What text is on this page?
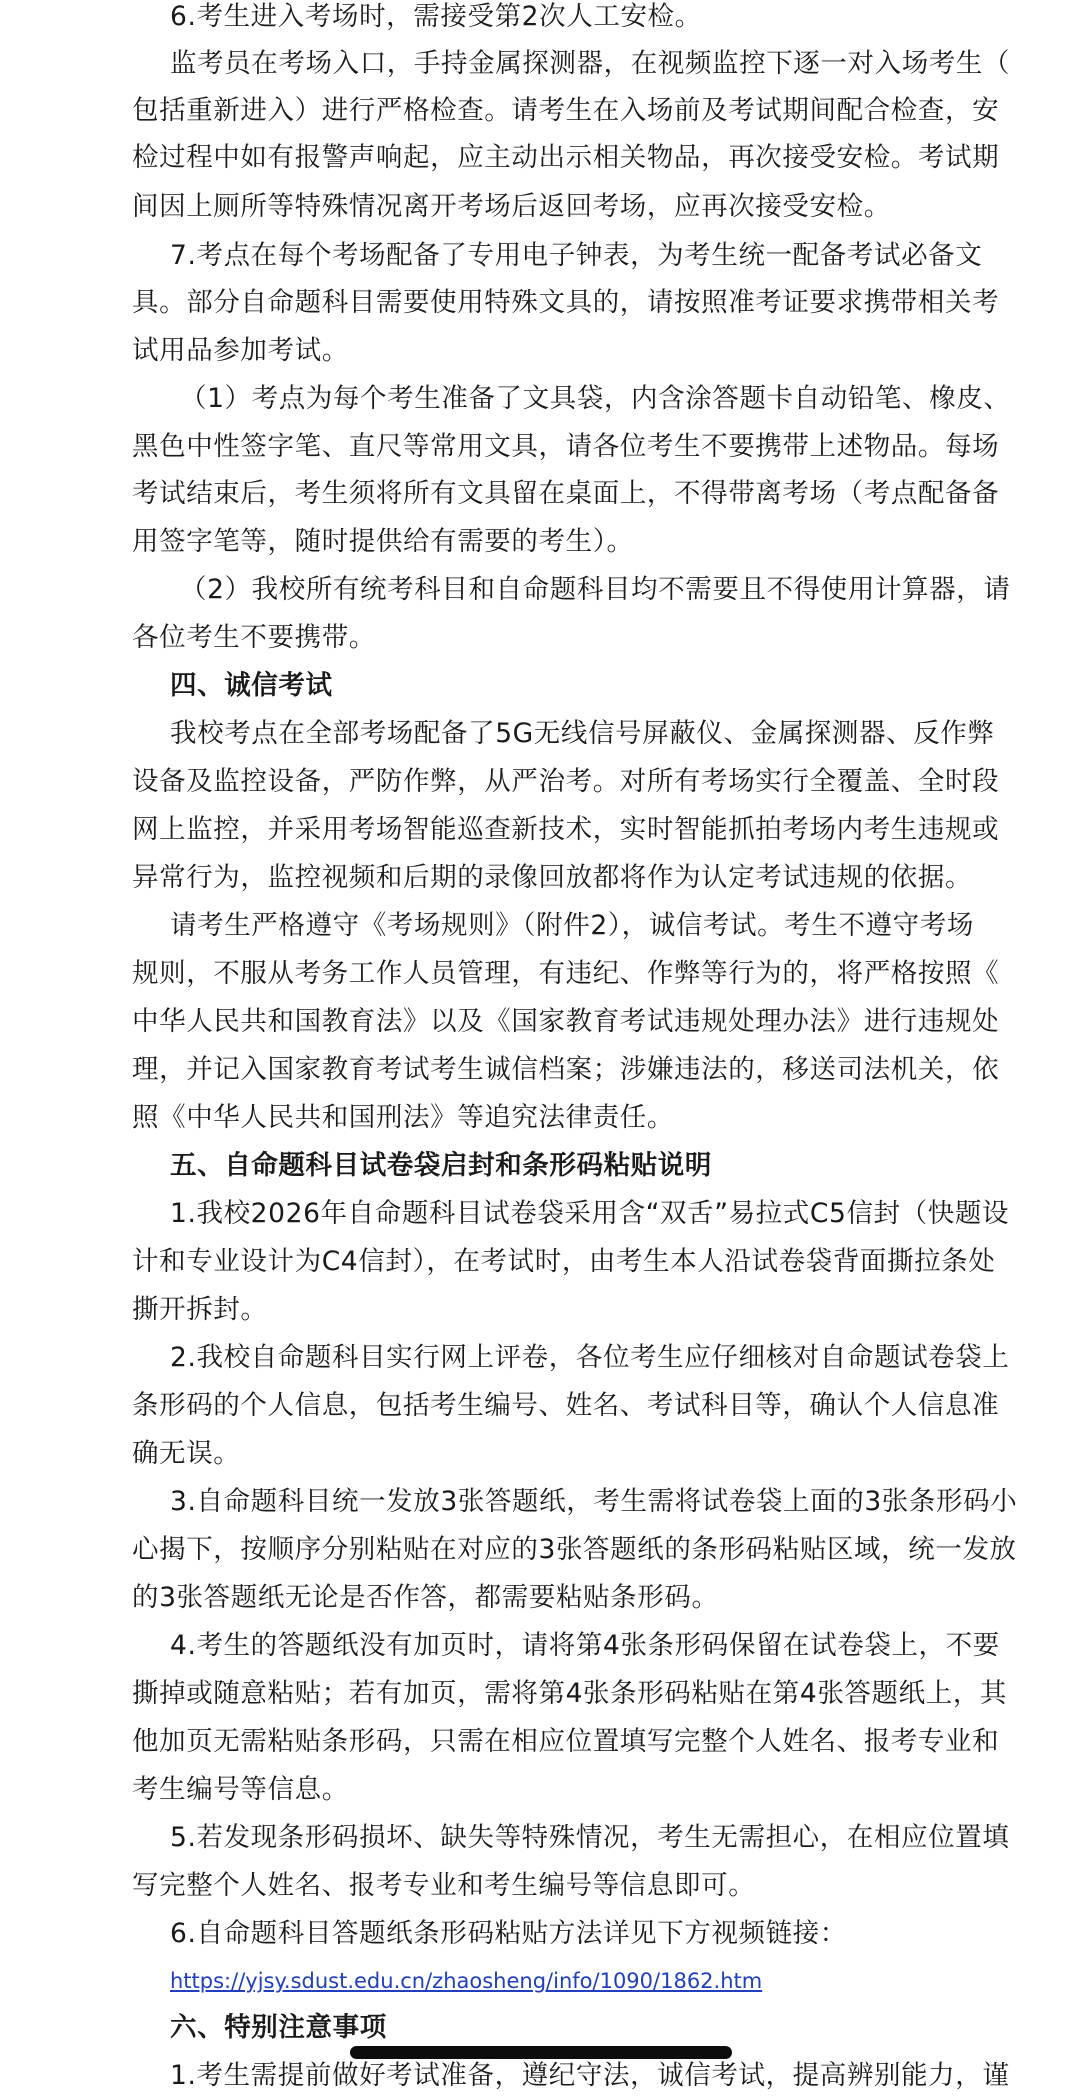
6.考生进入考场时，需接受第2次人工安检。
监考员在考场入口，手持金属探测器，在视频监控下逐一对入场考生（
包括重新进入）进行严格检查。请考生在入场前及考试期间配合检查，安
检过程中如有报警声响起，应主动出示相关物品，再次接受安检。考试期
间因上厕所等特殊情况离开考场后返回考场，应再次接受安检。
7.考点在每个考场配备了专用电子钟表，为考生统一配备考试必备文
具。部分自命题科目需要使用特殊文具的，请按照准考证要求携带相关考
试用品参加考试。
（1）考点为每个考生准备了文具袋，内含涂答题卡自动铅笔、橡皮、
黑色中性签字笔、直尺等常用文具，请各位考生不要携带上述物品。每场
考试结束后，考生须将所有文具留在桌面上，不得带离考场（考点配备备
用签字笔等，随时提供给有需要的考生）。
（2）我校所有统考科目和自命题科目均不需要且不得使用计算器，请
各位考生不要携带。
四、诚信考试
我校考点在全部考场配备了5G无线信号屏蔽仪、金属探测器、反作弊
设备及监控设备，严防作弊，从严治考。对所有考场实行全覆盖、全时段
网上监控，并采用考场智能巡查新技术，实时智能抓拍考场内考生违规或
异常行为，监控视频和后期的录像回放都将作为认定考试违规的依据。
请考生严格遵守《考场规则》（附件2），诚信考试。考生不遵守考场
规则，不服从考务工作人员管理，有违纪、作弊等行为的，将严格按照《
中华人民共和国教育法》以及《国家教育考试违规处理办法》进行违规处
理，并记入国家教育考试考生诚信档案；涉嫌违法的，移送司法机关，依
照《中华人民共和国刑法》等追究法律责任。
五、自命题科目试卷袋启封和条形码粘贴说明
1.我校2026年自命题科目试卷袋采用含“双舌”易拉式C5信封（快题设
计和专业设计为C4信封），在考试时，由考生本人沿试卷袋背面撕拉条处
撕开拆封。
2.我校自命题科目实行网上评卷，各位考生应仔细核对自命题试卷袋上
条形码的个人信息，包括考生编号、姓名、考试科目等，确认个人信息准
确无误。
3.自命题科目统一发放3张答题纸，考生需将试卷袋上面的3张条形码小
心揭下，按顺序分别粘贴在对应的3张答题纸的条形码粘贴区域，统一发放
的3张答题纸无论是否作答，都需要粘贴条形码。
4.考生的答题纸没有加页时，请将第4张条形码保留在试卷袋上，不要
撕掉或随意粘贴；若有加页，需将第4张条形码粘贴在第4张答题纸上，其
他加页无需粘贴条形码，只需在相应位置填写完整个人姓名、报考专业和
考生编号等信息。
5.若发现条形码损坏、缺失等特殊情况，考生无需担心，在相应位置填
写完整个人姓名、报考专业和考生编号等信息即可。
6.自命题科目答题纸条形码粘贴方法详见下方视频链接：
https://yjsy.sdust.edu.cn/zhaosheng/info/1090/1862.htm
六、特别注意事项
1.考生需提前做好考试准备，遵纪守法，诚信考试，提高辨别能力，谨
